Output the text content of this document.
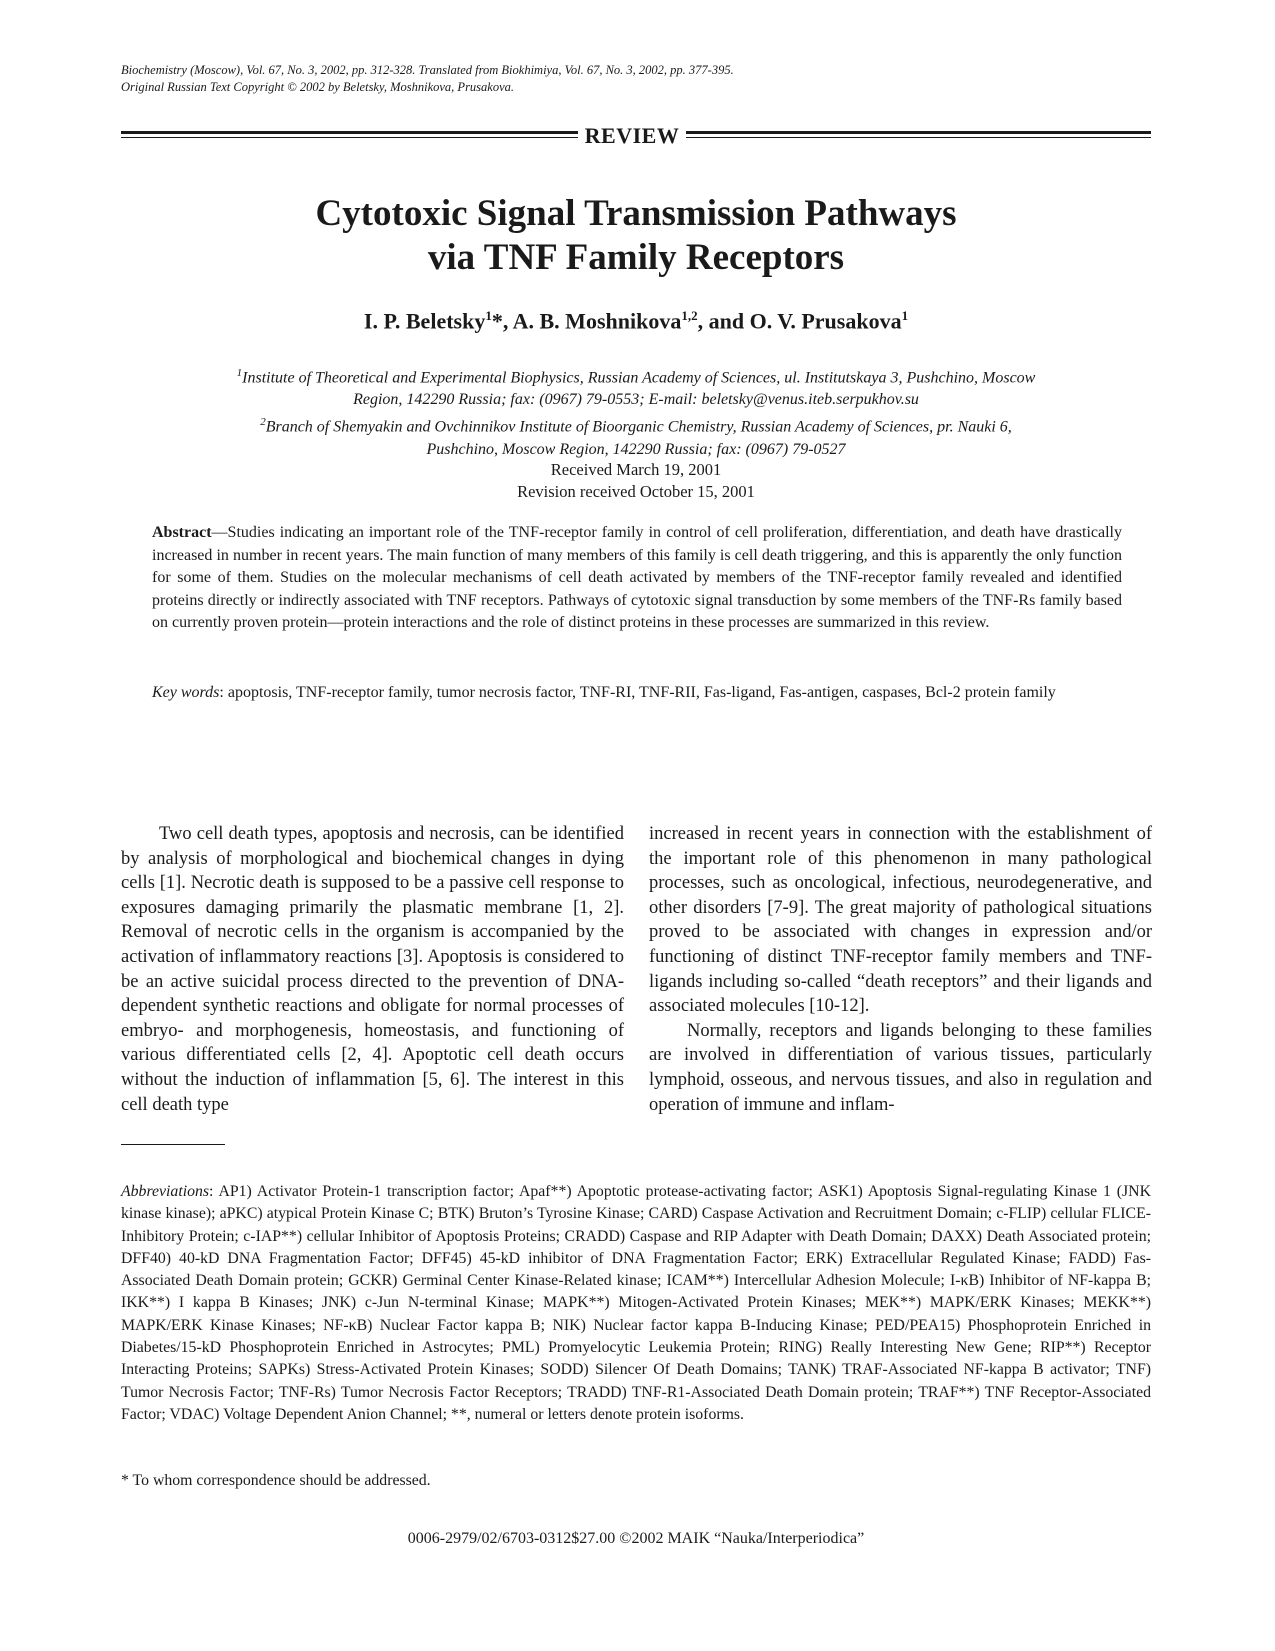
Biochemistry (Moscow), Vol. 67, No. 3, 2002, pp. 312-328. Translated from Biokhimiya, Vol. 67, No. 3, 2002, pp. 377-395.
Original Russian Text Copyright © 2002 by Beletsky, Moshnikova, Prusakova.
REVIEW
Cytotoxic Signal Transmission Pathways
via TNF Family Receptors
I. P. Beletsky$^1$*, A. B. Moshnikova$^{1,2}$, and O. V. Prusakova$^1$
$^1$Institute of Theoretical and Experimental Biophysics, Russian Academy of Sciences, ul. Institutskaya 3, Pushchino, Moscow
Region, 142290 Russia; fax: (0967) 79-0553; E-mail: beletsky@venus.iteb.serpukhov.su
$^2$Branch of Shemyakin and Ovchinnikov Institute of Bioorganic Chemistry, Russian Academy of Sciences, pr. Nauki 6,
Pushchino, Moscow Region, 142290 Russia; fax: (0967) 79-0527
Received March 19, 2001
Revision received October 15, 2001
Abstract—Studies indicating an important role of the TNF-receptor family in control of cell proliferation, differentiation, and death have drastically increased in number in recent years. The main function of many members of this family is cell death triggering, and this is apparently the only function for some of them. Studies on the molecular mechanisms of cell death activated by members of the TNF-receptor family revealed and identified proteins directly or indirectly associated with TNF receptors. Pathways of cytotoxic signal transduction by some members of the TNF-Rs family based on currently proven protein—protein interactions and the role of distinct proteins in these processes are summarized in this review.
Key words: apoptosis, TNF-receptor family, tumor necrosis factor, TNF-RI, TNF-RII, Fas-ligand, Fas-antigen, caspases, Bcl-2 protein family

Two cell death types, apoptosis and necrosis, can be identified by analysis of morphological and biochemical changes in dying cells [1]. Necrotic death is supposed to be a passive cell response to exposures damaging primarily the plasmatic membrane [1, 2]. Removal of necrotic cells in the organism is accompanied by the activation of inflammatory reactions [3]. Apoptosis is considered to be an active suicidal process directed to the prevention of DNA-dependent synthetic reactions and obligate for normal processes of embryo- and morphogenesis, homeostasis, and functioning of various differentiated cells [2, 4]. Apoptotic cell death occurs without the induction of inflammation [5, 6]. The interest in this cell death type

increased in recent years in connection with the establishment of the important role of this phenomenon in many pathological processes, such as oncological, infectious, neurodegenerative, and other disorders [7-9]. The great majority of pathological situations proved to be associated with changes in expression and/or functioning of distinct TNF-receptor family members and TNF-ligands including so-called “death receptors” and their ligands and associated molecules [10-12].

Normally, receptors and ligands belonging to these families are involved in differentiation of various tissues, particularly lymphoid, osseous, and nervous tissues, and also in regulation and operation of immune and inflam-

Abbreviations: AP1) Activator Protein-1 transcription factor; Apaf**) Apoptotic protease-activating factor; ASK1) Apoptosis Signal-regulating Kinase 1 (JNK kinase kinase); aPKC) atypical Protein Kinase C; BTK) Bruton’s Tyrosine Kinase; CARD) Caspase Activation and Recruitment Domain; c-FLIP) cellular FLICE-Inhibitory Protein; c-IAP**) cellular Inhibitor of Apoptosis Proteins; CRADD) Caspase and RIP Adapter with Death Domain; DAXX) Death Associated protein; DFF40) 40-kD DNA Fragmentation Factor; DFF45) 45-kD inhibitor of DNA Fragmentation Factor; ERK) Extracellular Regulated Kinase; FADD) Fas-Associated Death Domain protein; GCKR) Germinal Center Kinase-Related kinase; ICAM**) Intercellular Adhesion Molecule; I-κB) Inhibitor of NF-kappa B; IKK**) I kappa B Kinases; JNK) c-Jun N-terminal Kinase; MAPK**) Mitogen-Activated Protein Kinases; MEK**) MAPK/ERK Kinases; MEKK**) MAPK/ERK Kinase Kinases; NF-κB) Nuclear Factor kappa B; NIK) Nuclear factor kappa B-Inducing Kinase; PED/PEA15) Phosphoprotein Enriched in Diabetes/15-kD Phosphoprotein Enriched in Astrocytes; PML) Promyelocytic Leukemia Protein; RING) Really Interesting New Gene; RIP**) Receptor Interacting Proteins; SAPKs) Stress-Activated Protein Kinases; SODD) Silencer Of Death Domains; TANK) TRAF-Associated NF-kappa B activator; TNF) Tumor Necrosis Factor; TNF-Rs) Tumor Necrosis Factor Receptors; TRADD) TNF-R1-Associated Death Domain protein; TRAF**) TNF Receptor-Associated Factor; VDAC) Voltage Dependent Anion Channel; **, numeral or letters denote protein isoforms.
* To whom correspondence should be addressed.
0006-2979/02/6703-0312$27.00 ©2002 MAIK “Nauka/Interperiodica”
